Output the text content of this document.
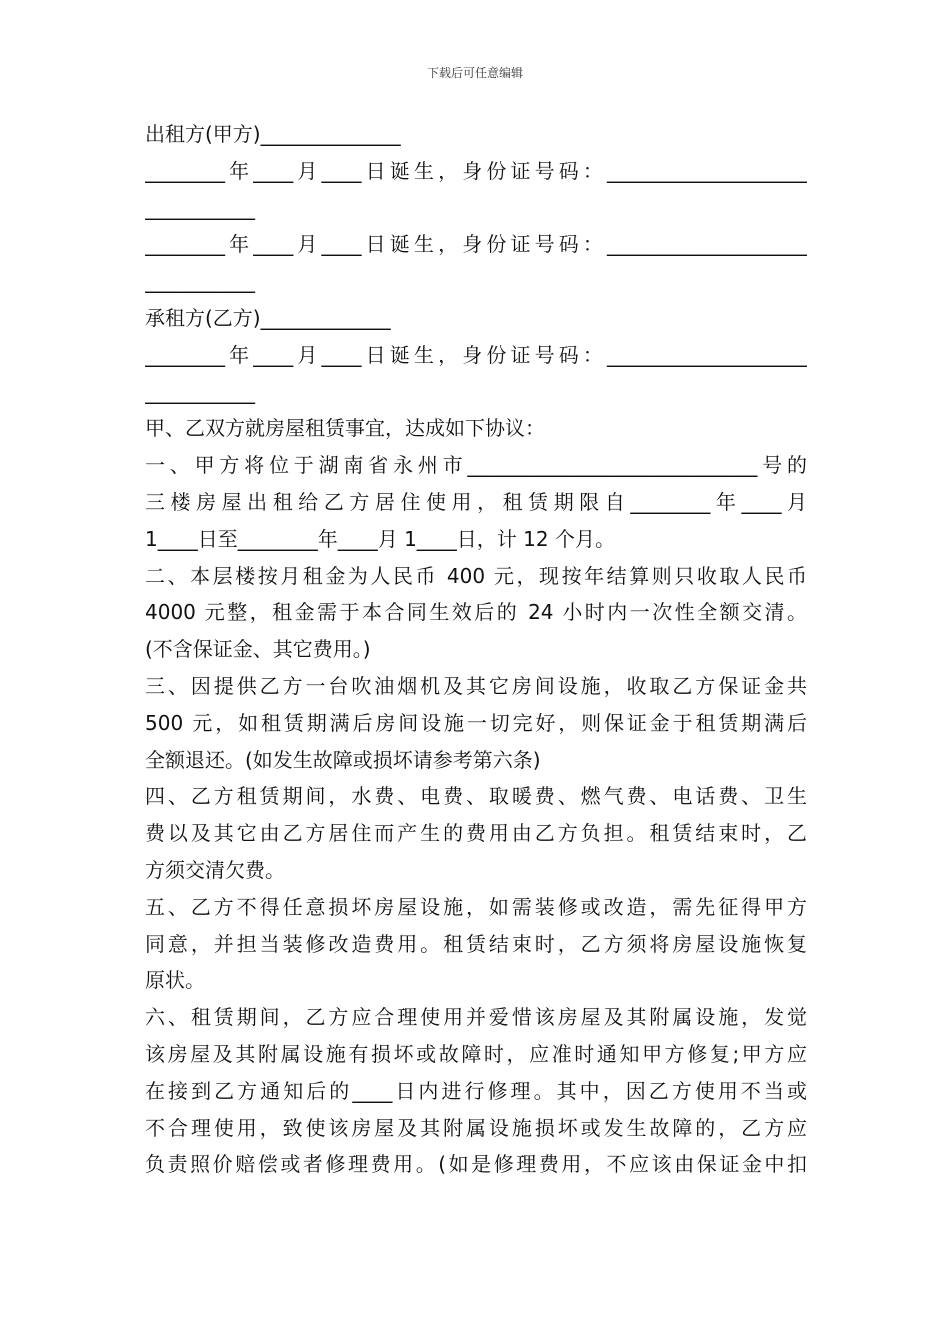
下载后可任意编辑
出租方(甲方)______________
________年____月____日诞生，身份证号码：____________________
___________
________年____月____日诞生，身份证号码：____________________
___________
承租方(乙方)_____________
________年____月____日诞生，身份证号码：____________________
___________
甲、乙双方就房屋租赁事宜，达成如下协议：
一、甲方将位于湖南省永州市_____________________________号的
三楼房屋出租给乙方居住使用，租赁期限自________年____月
1____日至________年____月 1____日，计 12 个月。
二、本层楼按月租金为人民币 400 元，现按年结算则只收取人民币
4000 元整，租金需于本合同生效后的 24 小时内一次性全额交清。
(不含保证金、其它费用。)
三、因提供乙方一台吹油烟机及其它房间设施，收取乙方保证金共
500 元，如租赁期满后房间设施一切完好，则保证金于租赁期满后
全额退还。(如发生故障或损坏请参考第六条)
四、乙方租赁期间，水费、电费、取暖费、燃气费、电话费、卫生
费以及其它由乙方居住而产生的费用由乙方负担。租赁结束时，乙
方须交清欠费。
五、乙方不得任意损坏房屋设施，如需装修或改造，需先征得甲方
同意，并担当装修改造费用。租赁结束时，乙方须将房屋设施恢复
原状。
六、租赁期间，乙方应合理使用并爱惜该房屋及其附属设施，发觉
该房屋及其附属设施有损坏或故障时，应准时通知甲方修复;甲方应
在接到乙方通知后的____日内进行修理。其中，因乙方使用不当或
不合理使用，致使该房屋及其附属设施损坏或发生故障的，乙方应
负责照价赔偿或者修理费用。(如是修理费用，不应该由保证金中扣
